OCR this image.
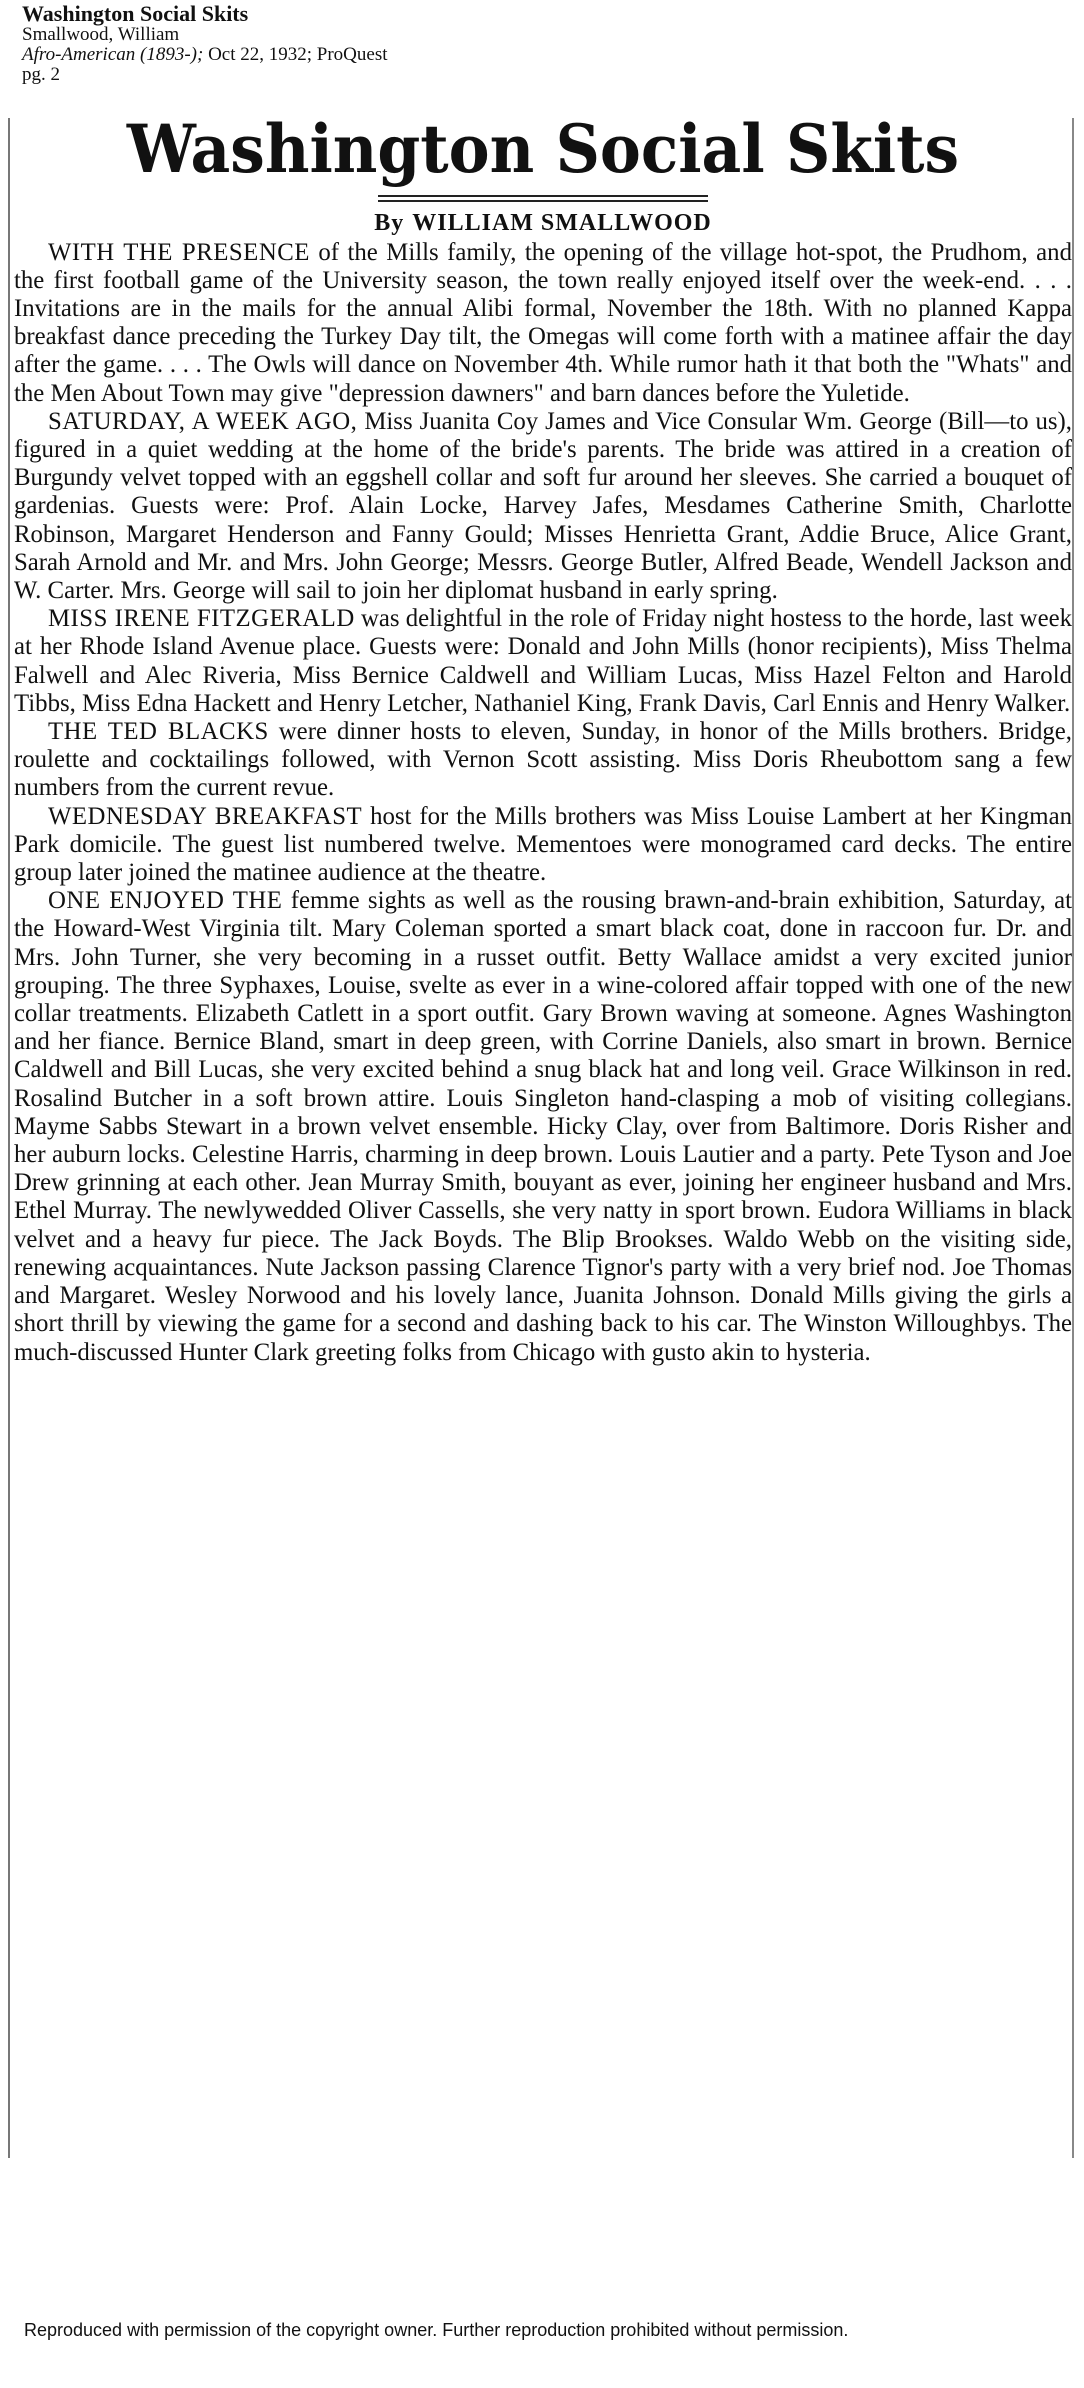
Washington Social Skits
Smallwood, William
Afro-American (1893-); Oct 22, 1932; ProQuest
pg. 2
Washington Social Skits
By WILLIAM SMALLWOOD

WITH THE PRESENCE of the Mills family, the opening of the village hot-spot, the Prudhom, and the first football game of the University season, the town really enjoyed itself over the week-end. . . . Invitations are in the mails for the annual Alibi formal, November the 18th. With no planned Kappa breakfast dance preceding the Turkey Day tilt, the Omegas will come forth with a matinee affair the day after the game. . . . The Owls will dance on November 4th. While rumor hath it that both the "Whats" and the Men About Town may give "depression dawners" and barn dances before the Yuletide.

SATURDAY, A WEEK AGO, Miss Juanita Coy James and Vice Consular Wm. George (Bill—to us), figured in a quiet wedding at the home of the bride's parents. The bride was attired in a creation of Burgundy velvet topped with an eggshell collar and soft fur around her sleeves. She carried a bouquet of gardenias. Guests were: Prof. Alain Locke, Harvey Jafes, Mesdames Catherine Smith, Charlotte Robinson, Margaret Henderson and Fanny Gould; Misses Henrietta Grant, Addie Bruce, Alice Grant, Sarah Arnold and Mr. and Mrs. John George; Messrs. George Butler, Alfred Beade, Wendell Jackson and W. Carter. Mrs. George will sail to join her diplomat husband in early spring.

MISS IRENE FITZGERALD was delightful in the role of Friday night hostess to the horde, last week at her Rhode Island Avenue place. Guests were: Donald and John Mills (honor recipients), Miss Thelma Falwell and Alec Riveria, Miss Bernice Caldwell and William Lucas, Miss Hazel Felton and Harold Tibbs, Miss Edna Hackett and Henry Letcher, Nathaniel King, Frank Davis, Carl Ennis and Henry Walker.

THE TED BLACKS were dinner hosts to eleven, Sunday, in honor of the Mills brothers. Bridge, roulette and cocktailings followed, with Vernon Scott assisting. Miss Doris Rheubottom sang a few numbers from the current revue.

WEDNESDAY BREAKFAST host for the Mills brothers was Miss Louise Lambert at her Kingman Park domicile. The guest list numbered twelve. Mementoes were monogramed card decks. The entire group later joined the matinee audience at the theatre.

ONE ENJOYED THE femme sights as well as the rousing brawn-and-brain exhibition, Saturday, at the Howard-West Virginia tilt. Mary Coleman sported a smart black coat, done in raccoon fur. Dr. and Mrs. John Turner, she very becoming in a russet outfit. Betty Wallace amidst a very excited junior grouping. The three Syphaxes, Louise, svelte as ever in a wine-colored affair topped with one of the new collar treatments. Elizabeth Catlett in a sport outfit. Gary Brown waving at someone. Agnes Washington and her fiance. Bernice Bland, smart in deep green, with Corrine Daniels, also smart in brown. Bernice Caldwell and Bill Lucas, she very excited behind a snug black hat and long veil. Grace Wilkinson in red. Rosalind Butcher in a soft brown attire. Louis Singleton hand-clasping a mob of visiting collegians. Mayme Sabbs Stewart in a brown velvet ensemble. Hicky Clay, over from Baltimore. Doris Risher and her auburn locks. Celestine Harris, charming in deep brown. Louis Lautier and a party. Pete Tyson and Joe Drew grinning at each other. Jean Murray Smith, bouyant as ever, joining her engineer husband and Mrs. Ethel Murray. The newlywedded Oliver Cassells, she very natty in sport brown. Eudora Williams in black velvet and a heavy fur piece. The Jack Boyds. The Blip Brookses. Waldo Webb on the visiting side, renewing acquaintances. Nute Jackson passing Clarence Tignor's party with a very brief nod. Joe Thomas and Margaret. Wesley Norwood and his lovely lance, Juanita Johnson. Donald Mills giving the girls a short thrill by viewing the game for a second and dashing back to his car. The Winston Willoughbys. The much-discussed Hunter Clark greeting folks from Chicago with gusto akin to hysteria.

Reproduced with permission of the copyright owner. Further reproduction prohibited without permission.
